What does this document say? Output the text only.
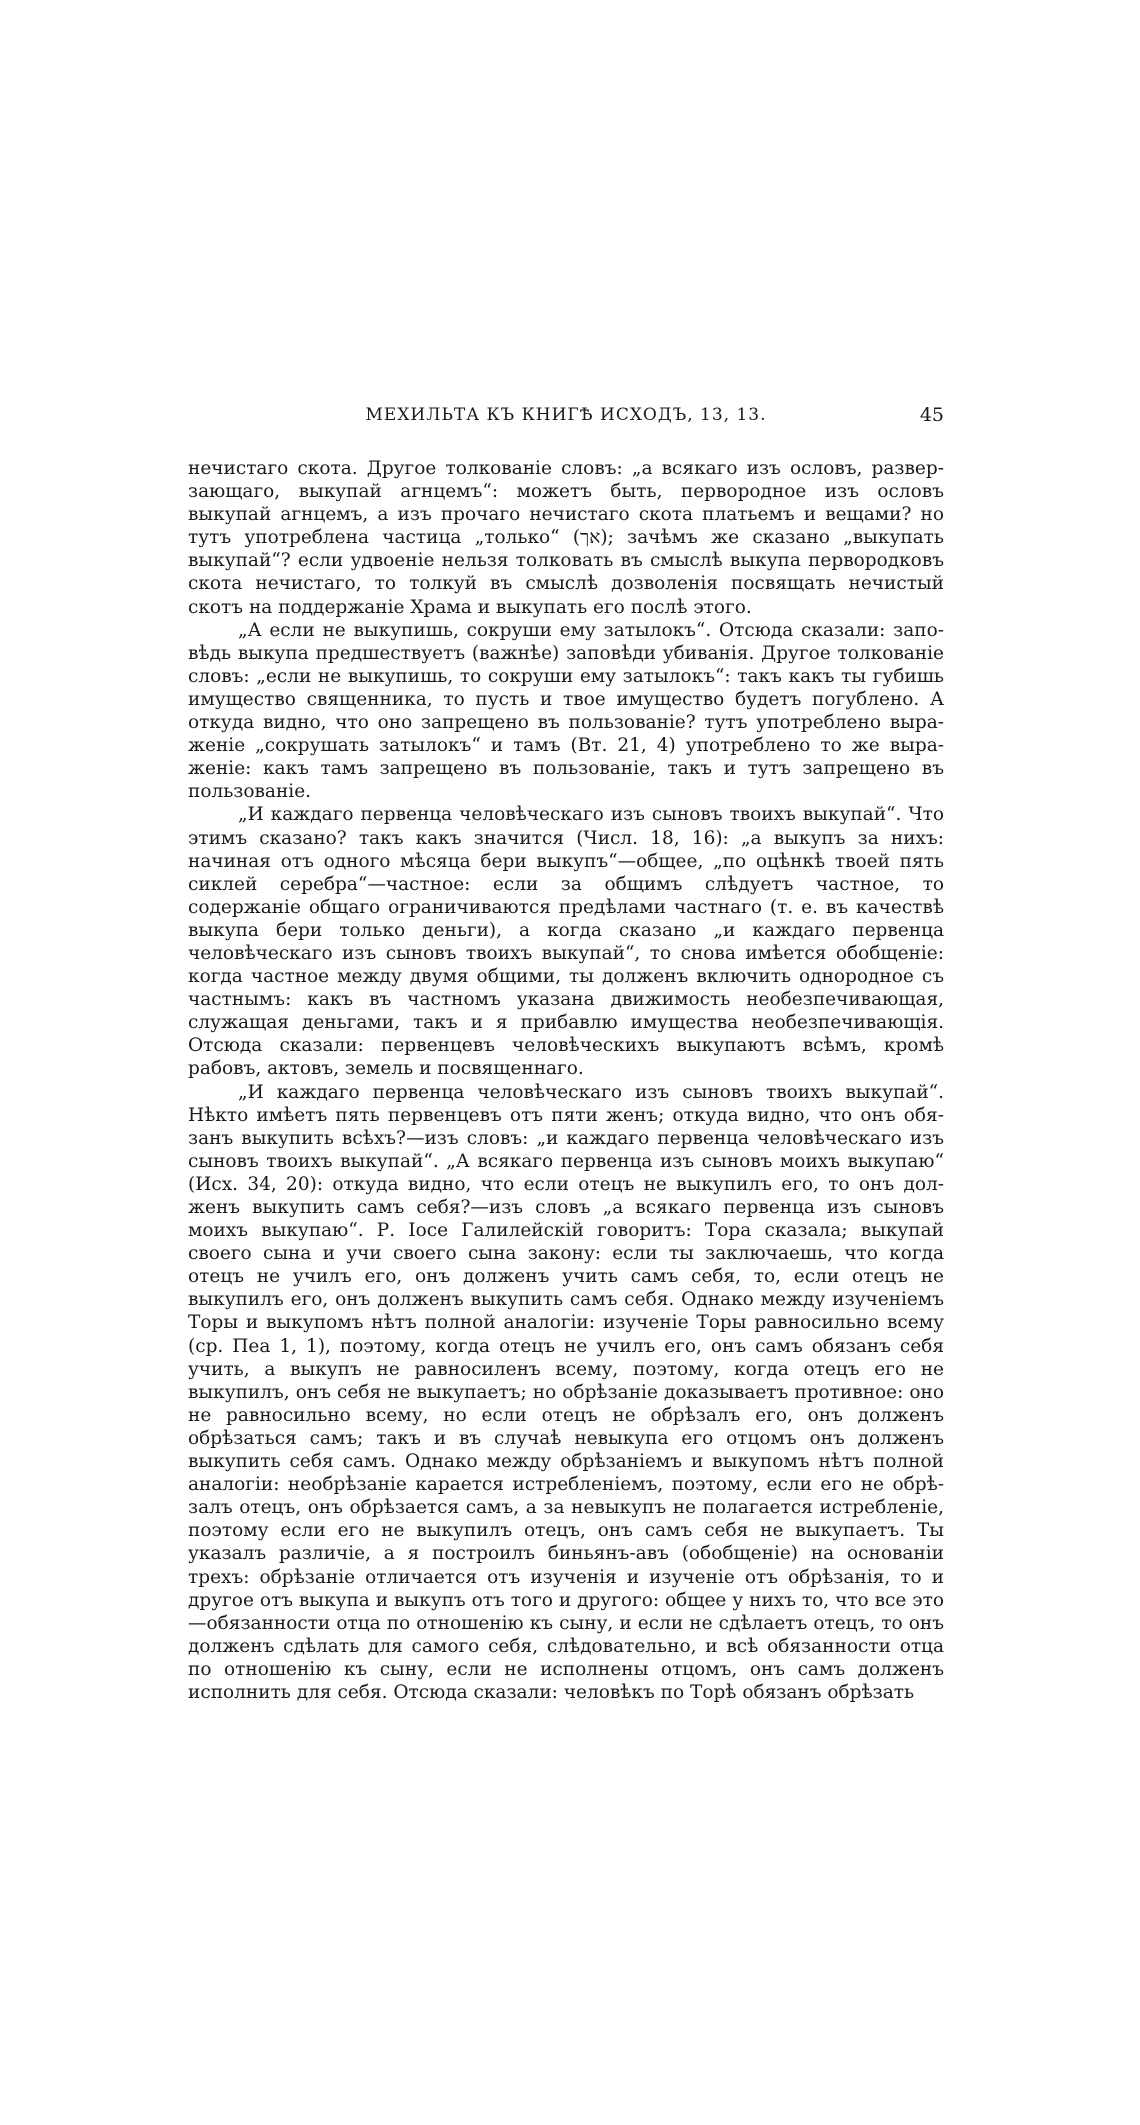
МЕХИЛЬТА КЪ КНИГѢ ИСХОДЪ, 13, 13.	45

нечистаго скота. Другое толкованіе словъ: „а всякаго изъ ословъ, разверзающаго, выкупай агнцемъ“: можетъ быть, первородное изъ ословъ выкупай агнцемъ, а изъ прочаго нечистаго скота платьемъ и вещами? но тутъ употреблена частица „только“ (אך); зачѣмъ же сказано „выкупать выкупай“? если удвоеніе нельзя толковать въ смыслѣ выкупа первородковъ скота нечистаго, то толкуй въ смыслѣ дозволенія посвящать нечистый скотъ на поддержаніе Храма и выкупать его послѣ этого.

„А если не выкупишь, сокруши ему затылокъ“. Отсюда сказали: заповѣдь выкупа предшествуетъ (важнѣе) заповѣди убиванія. Другое толкованіе словъ: „если не выкупишь, то сокруши ему затылокъ“: такъ какъ ты губишь имущество священника, то пусть и твое имущество будетъ погублено. А откуда видно, что оно запрещено въ пользованіе? тутъ употреблено выраженіе „сокрушать затылокъ“ и тамъ (Вт. 21, 4) употреблено то же выраженіе: какъ тамъ запрещено въ пользованіе, такъ и тутъ запрещено въ пользованіе.

„И каждаго первенца человѣческаго изъ сыновъ твоихъ выкупай“. Что этимъ сказано? такъ какъ значится (Числ. 18, 16): „а выкупъ за нихъ: начиная отъ одного мѣсяца бери выкупъ“—общее, „по оцѣнкѣ твоей пять сиклей серебра“—частное: если за общимъ слѣдуетъ частное, то содержаніе общаго ограничиваются предѣлами частнаго (т. е. въ качествѣ выкупа бери только деньги), а когда сказано „и каждаго первенца человѣческаго изъ сыновъ твоихъ выкупай“, то снова имѣется обобщеніе: когда частное между двумя общими, ты долженъ включить однородное съ частнымъ: какъ въ частномъ указана движимость необезпечивающая, служащая деньгами, такъ и я прибавлю имущества необезпечивающія. Отсюда сказали: первенцевъ человѣческихъ выкупаютъ всѣмъ, кромѣ рабовъ, актовъ, земель и посвященнаго.

„И каждаго первенца человѣческаго изъ сыновъ твоихъ выкупай“. Нѣкто имѣетъ пять первенцевъ отъ пяти женъ; откуда видно, что онъ обязанъ выкупить всѣхъ?—изъ словъ: „и каждаго первенца человѣческаго изъ сыновъ твоихъ выкупай“. „А всякаго первенца изъ сыновъ моихъ выкупаю“ (Исх. 34, 20): откуда видно, что если отецъ не выкупилъ его, то онъ долженъ выкупить самъ себя?—изъ словъ „а всякаго первенца изъ сыновъ моихъ выкупаю“. Р. Іосе Галилейскій говоритъ: Тора сказала; выкупай своего сына и учи своего сына закону: если ты заключаешь, что когда отецъ не училъ его, онъ долженъ учить самъ себя, то, если отецъ не выкупилъ его, онъ долженъ выкупить самъ себя. Однако между изученіемъ Торы и выкупомъ нѣтъ полной аналогіи: изученіе Торы равносильно всему (ср. Пеа 1, 1), поэтому, когда отецъ не училъ его, онъ самъ обязанъ себя учить, а выкупъ не равносиленъ всему, поэтому, когда отецъ его не выкупилъ, онъ себя не выкупаетъ; но обрѣзаніе доказываетъ противное: оно не равносильно всему, но если отецъ не обрѣзалъ его, онъ долженъ обрѣзаться самъ; такъ и въ случаѣ невыкупа его отцомъ онъ долженъ выкупить себя самъ. Однако между обрѣзаніемъ и выкупомъ нѣтъ полной аналогіи: необрѣзаніе карается истребленіемъ, поэтому, если его не обрѣзалъ отецъ, онъ обрѣзается самъ, а за невыкупъ не полагается истребленіе, поэтому если его не выкупилъ отецъ, онъ самъ себя не выкупаетъ. Ты указалъ различіе, а я построилъ биньянъ-авъ (обобщеніе) на основаніи трехъ: обрѣзаніе отличается отъ изученія и изученіе отъ обрѣзанія, то и другое отъ выкупа и выкупъ отъ того и другого: общее у нихъ то, что все это—обязанности отца по отношенію къ сыну, и если не сдѣлаетъ отецъ, то онъ долженъ сдѣлать для самого себя, слѣдовательно, и всѣ обязанности отца по отношенію къ сыну, если не исполнены отцомъ, онъ самъ долженъ исполнить для себя. Отсюда сказали: человѣкъ по Торѣ обязанъ обрѣзать
